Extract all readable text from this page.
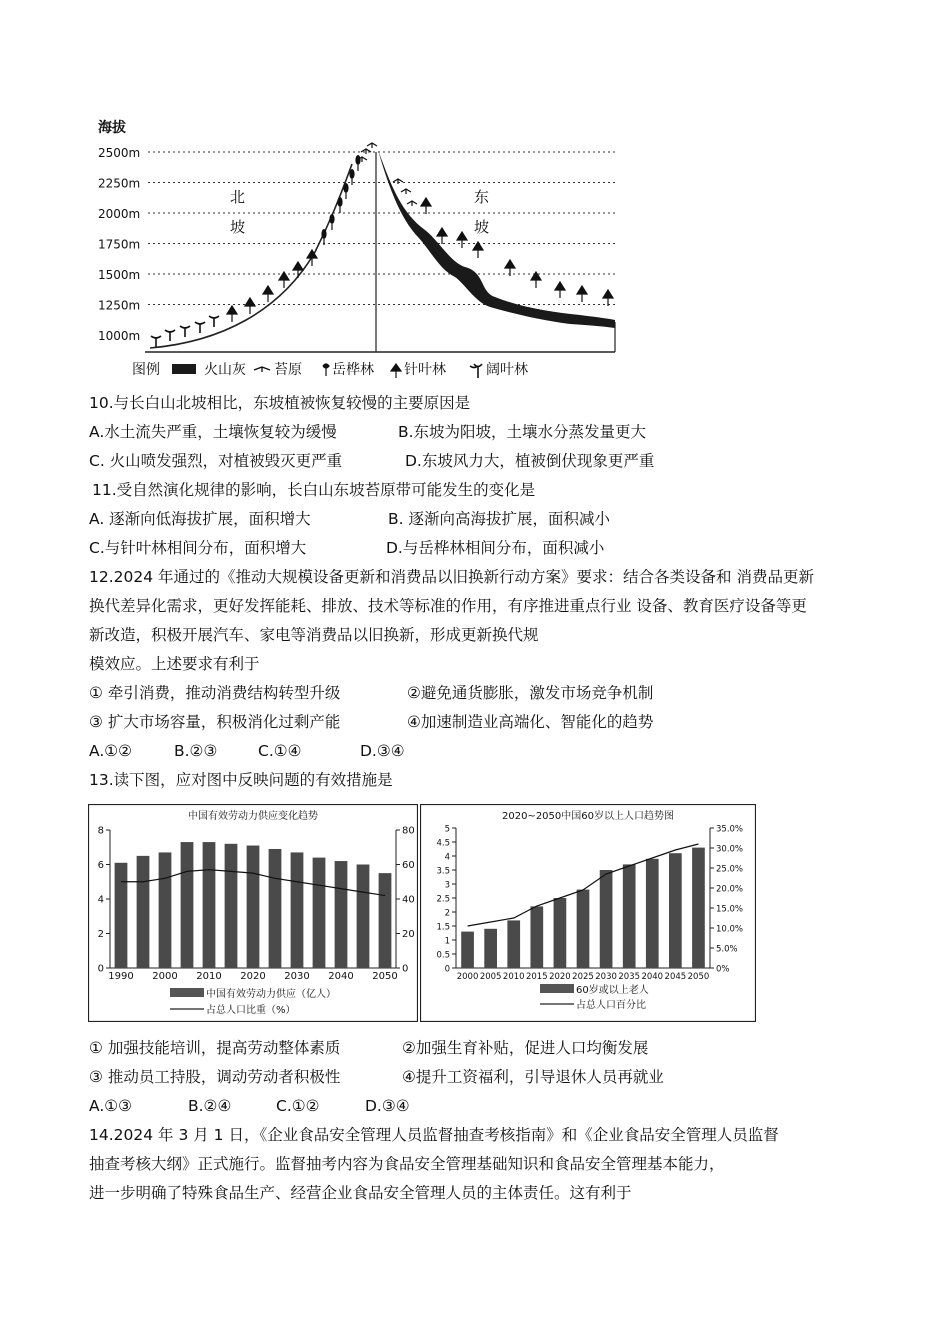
海拔
2500m
2250m
2000m
1750m
1500m
1250m
1000m
北
坡
东
坡
图例	火山灰 苔原 岳桦林 针叶林	阔叶林
10.与长白山北坡相比，东坡植被恢复较慢的主要原因是
A.水土流失严重，土壤恢复较为缓慢	B.东坡为阳坡，土壤水分蒸发量更大
C. 火山喷发强烈，对植被毁灭更严重	D.东坡风力大，植被倒伏现象更严重
11.受自然演化规律的影响，长白山东坡苔原带可能发生的变化是
A. 逐渐向低海拔扩展，面积增大	B. 逐渐向高海拔扩展，面积减小
C.与针叶林相间分布，面积增大	D.与岳桦林相间分布，面积减小
12.2024 年通过的《推动大规模设备更新和消费品以旧换新行动方案》要求：结合各类设备和 消费品更新
换代差异化需求，更好发挥能耗、排放、技术等标准的作用，有序推进重点行业 设备、教育医疗设备等更
新改造，积极开展汽车、家电等消费品以旧换新，形成更新换代规
模效应。上述要求有利于
① 牵引消费，推动消费结构转型升级	②避免通货膨胀，激发市场竞争机制
③ 扩大市场容量，积极消化过剩产能	④加速制造业高端化、智能化的趋势
A.①②	B.②③	C.①④	D.③④
13.读下图，应对图中反映问题的有效措施是
中国有效劳动力供应变化趋势
0
2
4
6
8
0
20
40
60
80
1990 2000 2010 2020 2030 2040 2050
中国有效劳动力供应（亿人）
占总人口比重（%）
2020~2050中国60岁以上人口趋势图
0
0.5
1
1.5
2
2.5
3
3.5
4
4.5
5
0%
5.0%
10.0%
15.0%
20.0%
25.0%
30.0%
35.0%
2000 2005 2010 2015 2020 2025 2030 2035 2040 2045 2050
60岁或以上老人
占总人口百分比
① 加强技能培训，提高劳动整体素质	②加强生育补贴，促进人口均衡发展
③ 推动员工持股，调动劳动者积极性	④提升工资福利，引导退休人员再就业
A.①③	B.②④	C.①②	D.③④
14.2024 年 3 月 1 日，《企业食品安全管理人员监督抽查考核指南》和《企业食品安全管理人员监督
抽查考核大纲》正式施行。监督抽考内容为食品安全管理基础知识和食品安全管理基本能力，
进一步明确了特殊食品生产、经营企业食品安全管理人员的主体责任。这有利于
